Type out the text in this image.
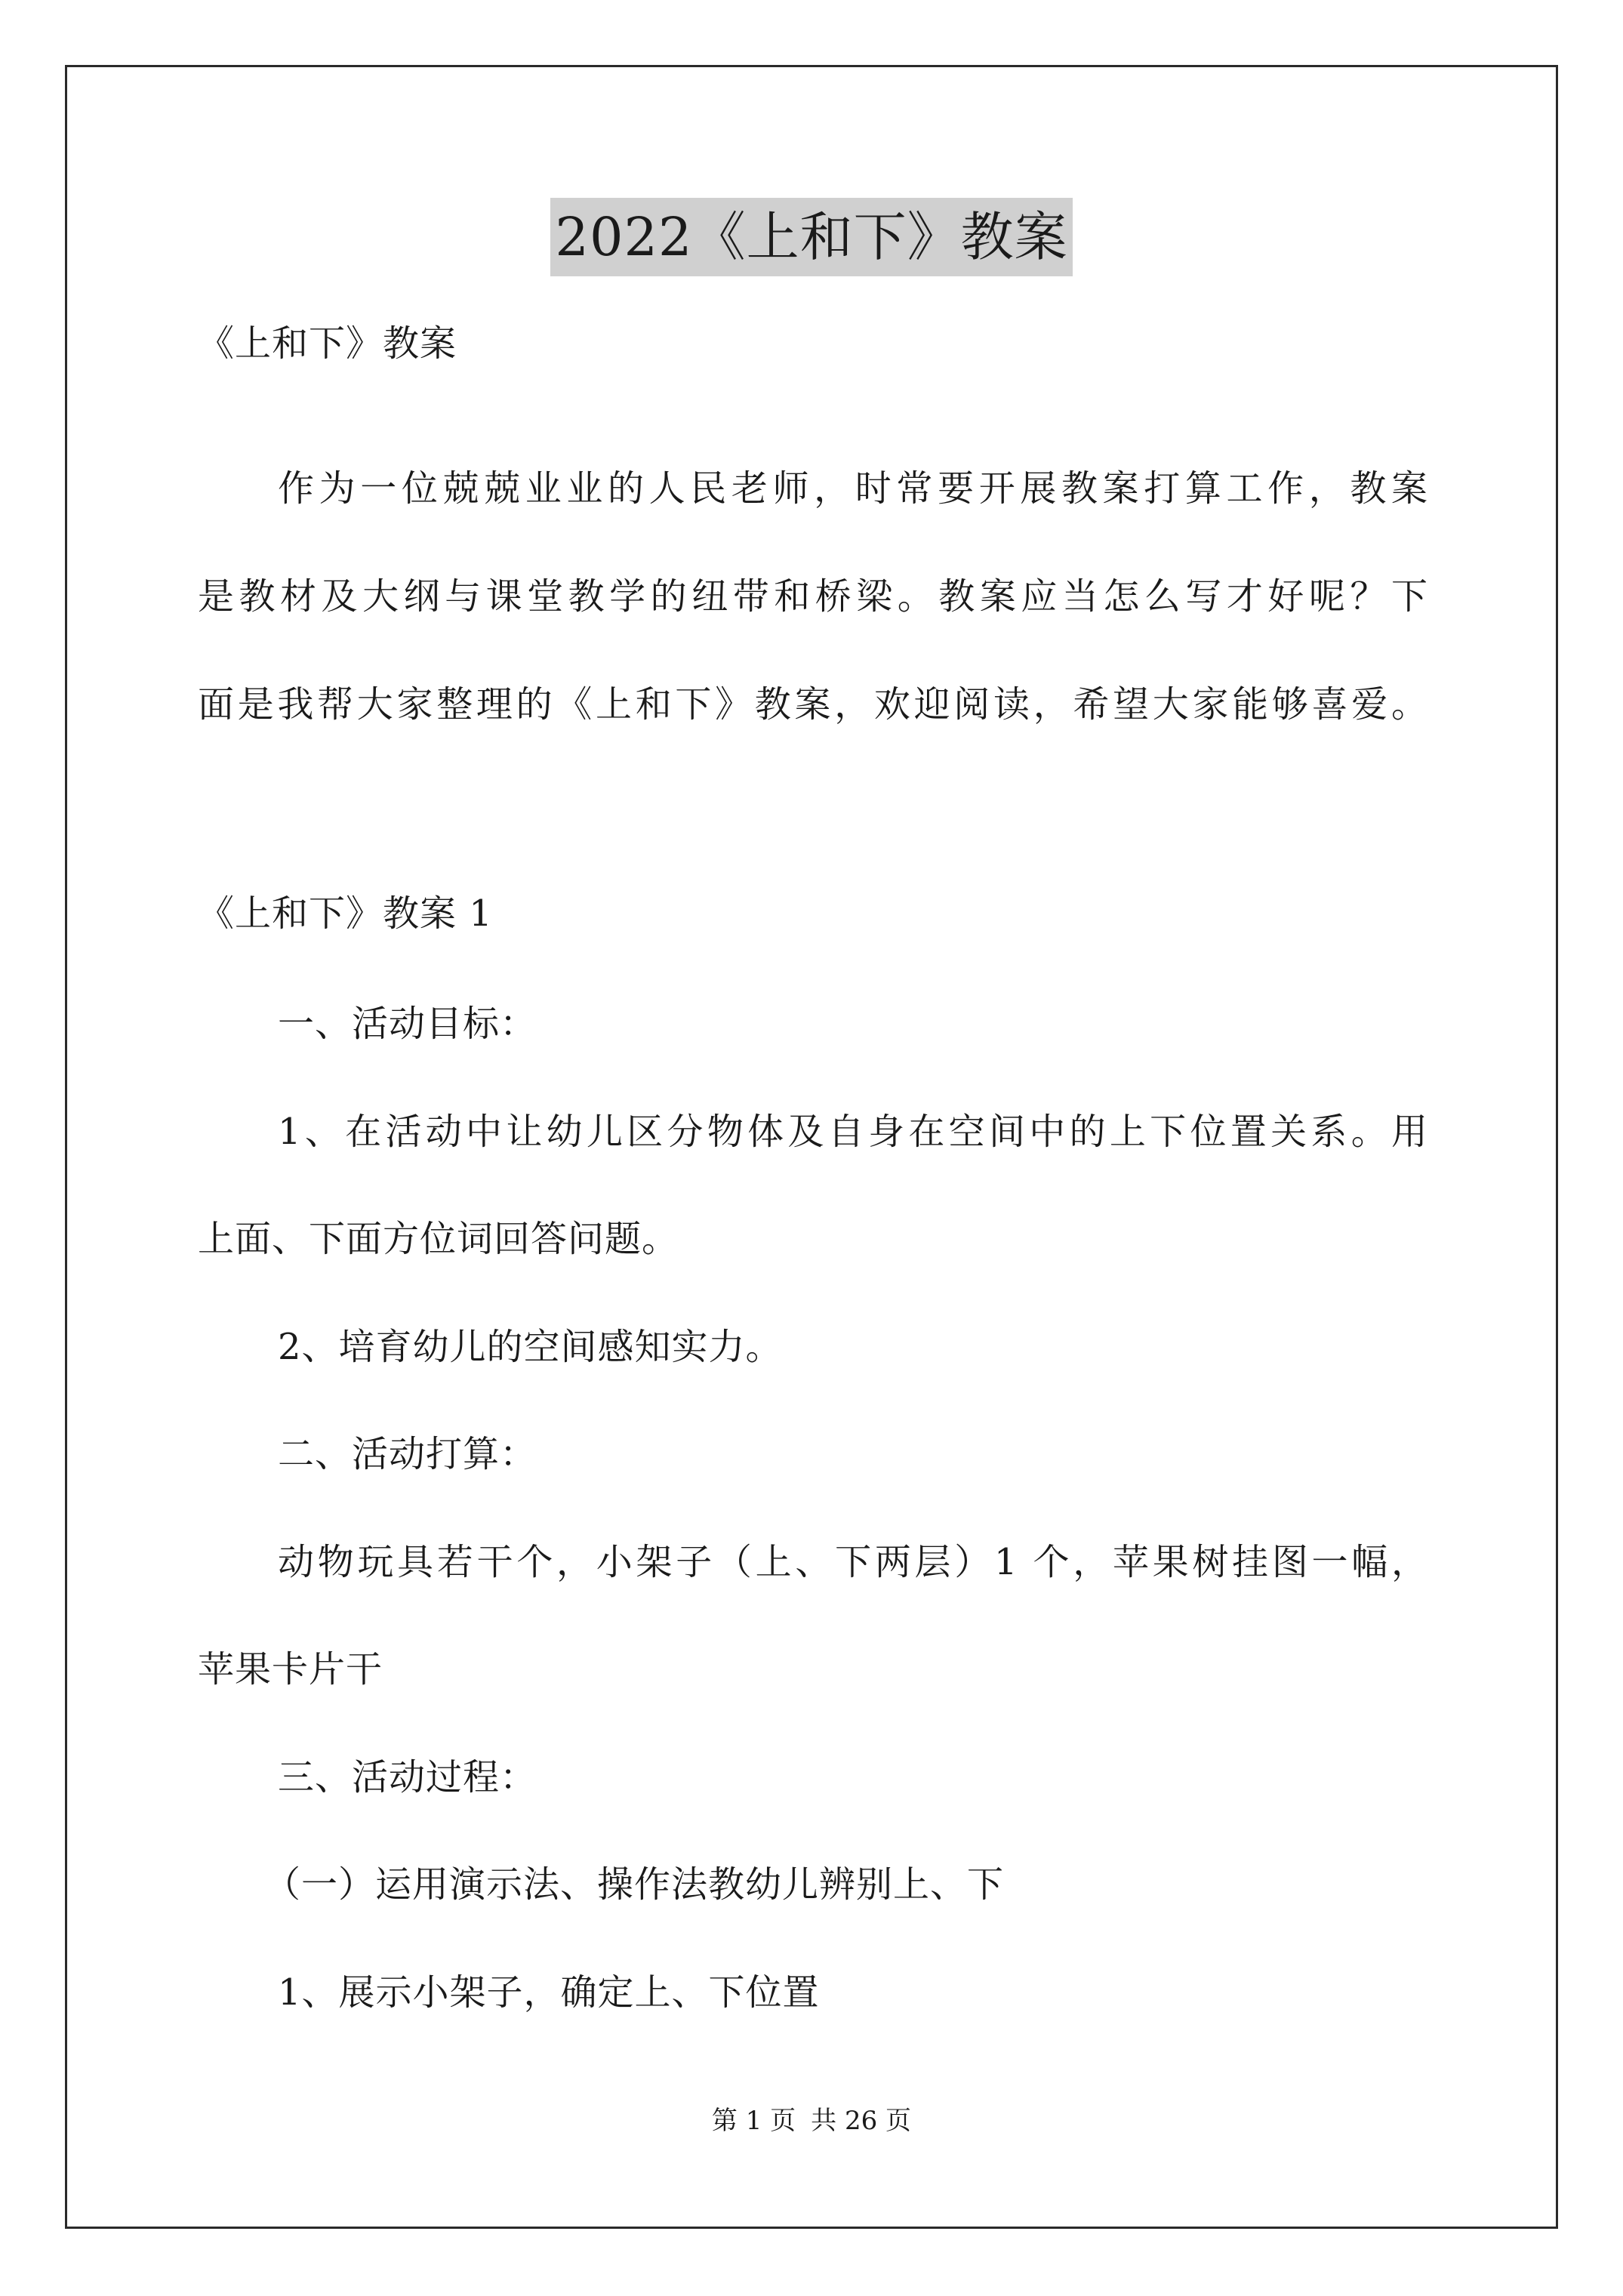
2022《上和下》教案
《上和下》教案
作为一位兢兢业业的人民老师，时常要开展教案打算工作，教案
是教材及大纲与课堂教学的纽带和桥梁。教案应当怎么写才好呢？下
面是我帮大家整理的《上和下》教案，欢迎阅读，希望大家能够喜爱。
《上和下》教案 1
一、活动目标：
1、在活动中让幼儿区分物体及自身在空间中的上下位置关系。用
上面、下面方位词回答问题。
2、培育幼儿的空间感知实力。
二、活动打算：
动物玩具若干个，小架子（上、下两层）1 个，苹果树挂图一幅，
苹果卡片干
三、活动过程：
（一）运用演示法、操作法教幼儿辨别上、下
1、展示小架子，确定上、下位置
第 1 页 共 26 页
